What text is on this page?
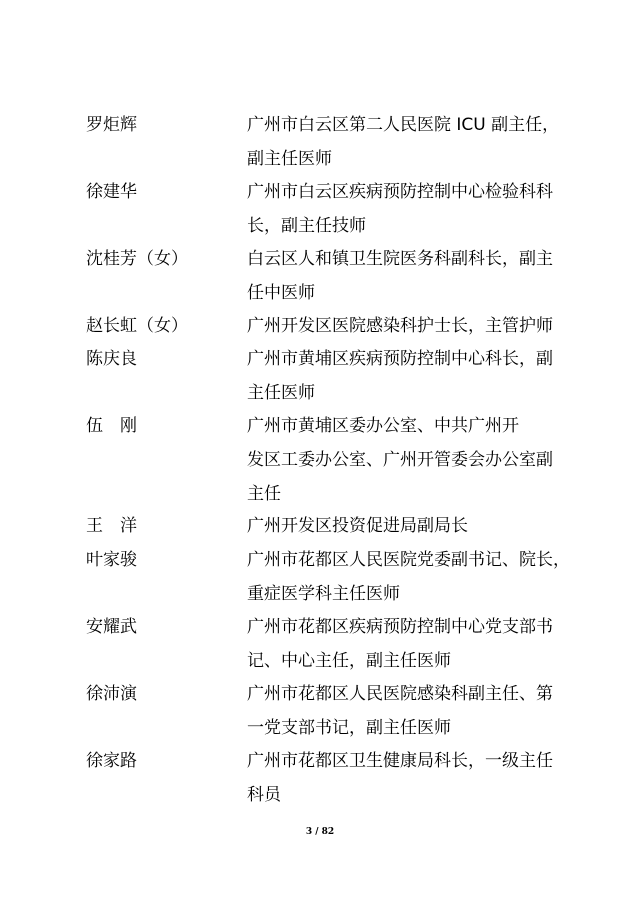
罗炬辉	广州市白云区第二人民医院 ICU 副主任，
副主任医师
徐建华	广州市白云区疾病预防控制中心检验科科
长，副主任技师
沈桂芳（女）	白云区人和镇卫生院医务科副科长，副主
任中医师
赵长虹（女）	广州开发区医院感染科护士长，主管护师
陈庆良	广州市黄埔区疾病预防控制中心科长，副
主任医师
伍　刚	广州市黄埔区委办公室、中共广州开
发区工委办公室、广州开管委会办公室副
主任
王　洋	广州开发区投资促进局副局长
叶家骏	广州市花都区人民医院党委副书记、院长，
重症医学科主任医师
安耀武	广州市花都区疾病预防控制中心党支部书
记、中心主任，副主任医师
徐沛演	广州市花都区人民医院感染科副主任、第
一党支部书记，副主任医师
徐家路	广州市花都区卫生健康局科长，一级主任
科员
3 / 82
